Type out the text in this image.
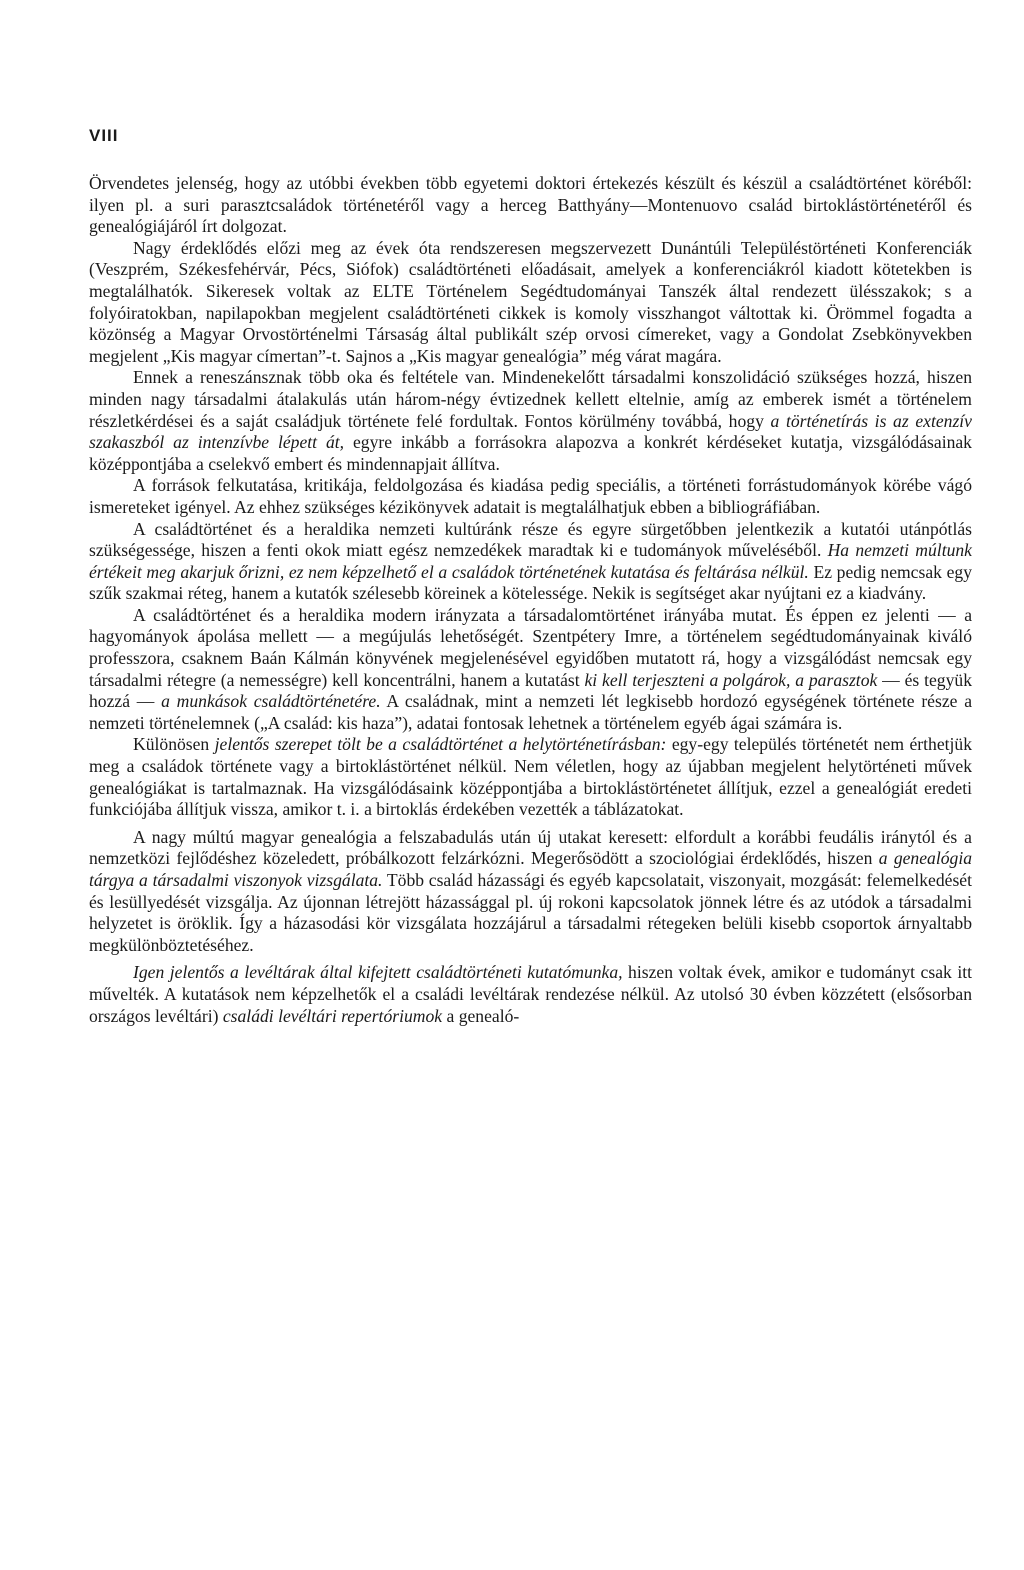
VIII

Örvendetes jelenség, hogy az utóbbi években több egyetemi doktori értekezés készült és készül a családtörténet köréből: ilyen pl. a suri parasztcsaládok történetéről vagy a herceg Batthyány—Montenuovo család birtoklástörténetéről és genealógiájáról írt dolgozat.

Nagy érdeklődés előzi meg az évek óta rendszeresen megszervezett Dunántúli Településtörténeti Konferenciák (Veszprém, Székesfehérvár, Pécs, Siófok) családtörténeti előadásait, amelyek a konferenciákról kiadott kötetekben is megtalálhatók. Sikeresek voltak az ELTE Történelem Segédtudományai Tanszék által rendezett ülésszakok; s a folyóiratokban, napilapokban megjelent családtörténeti cikkek is komoly visszhangot váltottak ki. Örömmel fogadta a közönség a Magyar Orvostörténelmi Társaság által publikált szép orvosi címereket, vagy a Gondolat Zsebkönyvekben megjelent „Kis magyar címertan”-t. Sajnos a „Kis magyar genealógia” még várat magára.

Ennek a reneszánsznak több oka és feltétele van. Mindenekelőtt társadalmi konszolidáció szükséges hozzá, hiszen minden nagy társadalmi átalakulás után három-négy évtizednek kellett eltelnie, amíg az emberek ismét a történelem részletkérdései és a saját családjuk története felé fordultak. Fontos körülmény továbbá, hogy a történetírás is az extenzív szakaszból az intenzívbe lépett át, egyre inkább a forrásokra alapozva a konkrét kérdéseket kutatja, vizsgálódásainak középpontjába a cselekvő embert és mindennapjait állítva.

A források felkutatása, kritikája, feldolgozása és kiadása pedig speciális, a történeti forrástudományok körébe vágó ismereteket igényel. Az ehhez szükséges kézikönyvek adatait is megtalálhatjuk ebben a bibliográfiában.

A családtörténet és a heraldika nemzeti kultúránk része és egyre sürgetőbben jelentkezik a kutatói utánpótlás szükségessége, hiszen a fenti okok miatt egész nemzedékek maradtak ki e tudományok műveléséből. Ha nemzeti múltunk értékeit meg akarjuk őrizni, ez nem képzelhető el a családok történetének kutatása és feltárása nélkül. Ez pedig nemcsak egy szűk szakmai réteg, hanem a kutatók szélesebb köreinek a kötelessége. Nekik is segítséget akar nyújtani ez a kiadvány.

A családtörténet és a heraldika modern irányzata a társadalomtörténet irányába mutat. És éppen ez jelenti — a hagyományok ápolása mellett — a megújulás lehetőségét. Szentpétery Imre, a történelem segédtudományainak kiváló professzora, csaknem Baán Kálmán könyvének megjelenésével egyidőben mutatott rá, hogy a vizsgálódást nemcsak egy társadalmi rétegre (a nemességre) kell koncentrálni, hanem a kutatást ki kell terjeszteni a polgárok, a parasztok — és tegyük hozzá — a munkások családtörténetére. A családnak, mint a nemzeti lét legkisebb hordozó egységének története része a nemzeti történelemnek („A család: kis haza”), adatai fontosak lehetnek a történelem egyéb ágai számára is.

Különösen jelentős szerepet tölt be a családtörténet a helytörténetírásban: egy-egy település történetét nem érthetjük meg a családok története vagy a birtoklástörténet nélkül. Nem véletlen, hogy az újabban megjelent helytörténeti művek genealógiákat is tartalmaznak. Ha vizsgálódásaink középpontjába a birtoklástörténetet állítjuk, ezzel a genealógiát eredeti funkciójába állítjuk vissza, amikor t. i. a birtoklás érdekében vezették a táblázatokat.

A nagy múltú magyar genealógia a felszabadulás után új utakat keresett: elfordult a korábbi feudális iránytól és a nemzetközi fejlődéshez közeledett, próbálkozott felzárkózni. Megerősödött a szociológiai érdeklődés, hiszen a genealógia tárgya a társadalmi viszonyok vizsgálata. Több család házassági és egyéb kapcsolatait, viszonyait, mozgását: felemelkedését és lesüllyedését vizsgálja. Az újonnan létrejött házassággal pl. új rokoni kapcsolatok jönnek létre és az utódok a társadalmi helyzetet is öröklik. Így a házasodási kör vizsgálata hozzájárul a társadalmi rétegeken belüli kisebb csoportok árnyaltabb megkülönböztetéséhez.

Igen jelentős a levéltárak által kifejtett családtörténeti kutatómunka, hiszen voltak évek, amikor e tudományt csak itt művelték. A kutatások nem képzelhetők el a családi levéltárak rendezése nélkül. Az utolsó 30 évben közzétett (elsősorban országos levéltári) családi levéltári repertóriumok a genealó-
